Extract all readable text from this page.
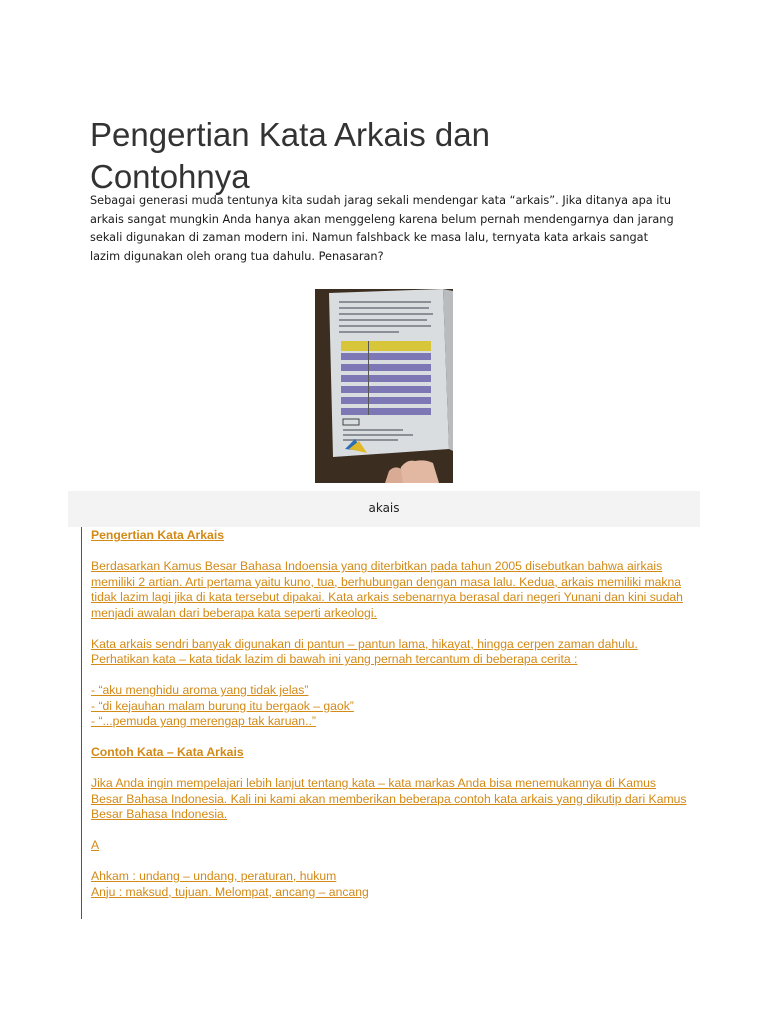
Pengertian Kata Arkais dan Contohnya

Sebagai generasi muda tentunya kita sudah jarag sekali mendengar kata “arkais”. Jika ditanya apa itu arkais sangat mungkin Anda hanya akan menggeleng karena belum pernah mendengarnya dan jarang sekali digunakan di zaman modern ini. Namun falshback ke masa lalu, ternyata kata arkais sangat lazim digunakan oleh orang tua dahulu. Penasaran?

akais

Pengertian Kata Arkais

Berdasarkan Kamus Besar Bahasa Indoensia yang diterbitkan pada tahun 2005 disebutkan bahwa airkais memiliki 2 artian. Arti pertama yaitu kuno, tua, berhubungan dengan masa lalu. Kedua, arkais memiliki makna tidak lazim lagi jika di kata tersebut dipakai. Kata arkais sebenarnya berasal dari negeri Yunani dan kini sudah menjadi awalan dari beberapa kata seperti arkeologi.

Kata arkais sendri banyak digunakan di pantun – pantun lama, hikayat, hingga cerpen zaman dahulu. Perhatikan kata – kata tidak lazim di bawah ini yang pernah tercantum di beberapa cerita :

- “aku menghidu aroma yang tidak jelas”
- “di kejauhan malam burung itu bergaok – gaok”
- “...pemuda yang merengap tak karuan..”

Contoh Kata – Kata Arkais

Jika Anda ingin mempelajari lebih lanjut tentang kata – kata markas Anda bisa menemukannya di Kamus Besar Bahasa Indonesia. Kali ini kami akan memberikan beberapa contoh kata arkais yang dikutip dari Kamus Besar Bahasa Indonesia.

A

Ahkam : undang – undang, peraturan, hukum
Anju : maksud, tujuan. Melompat, ancang – ancang
